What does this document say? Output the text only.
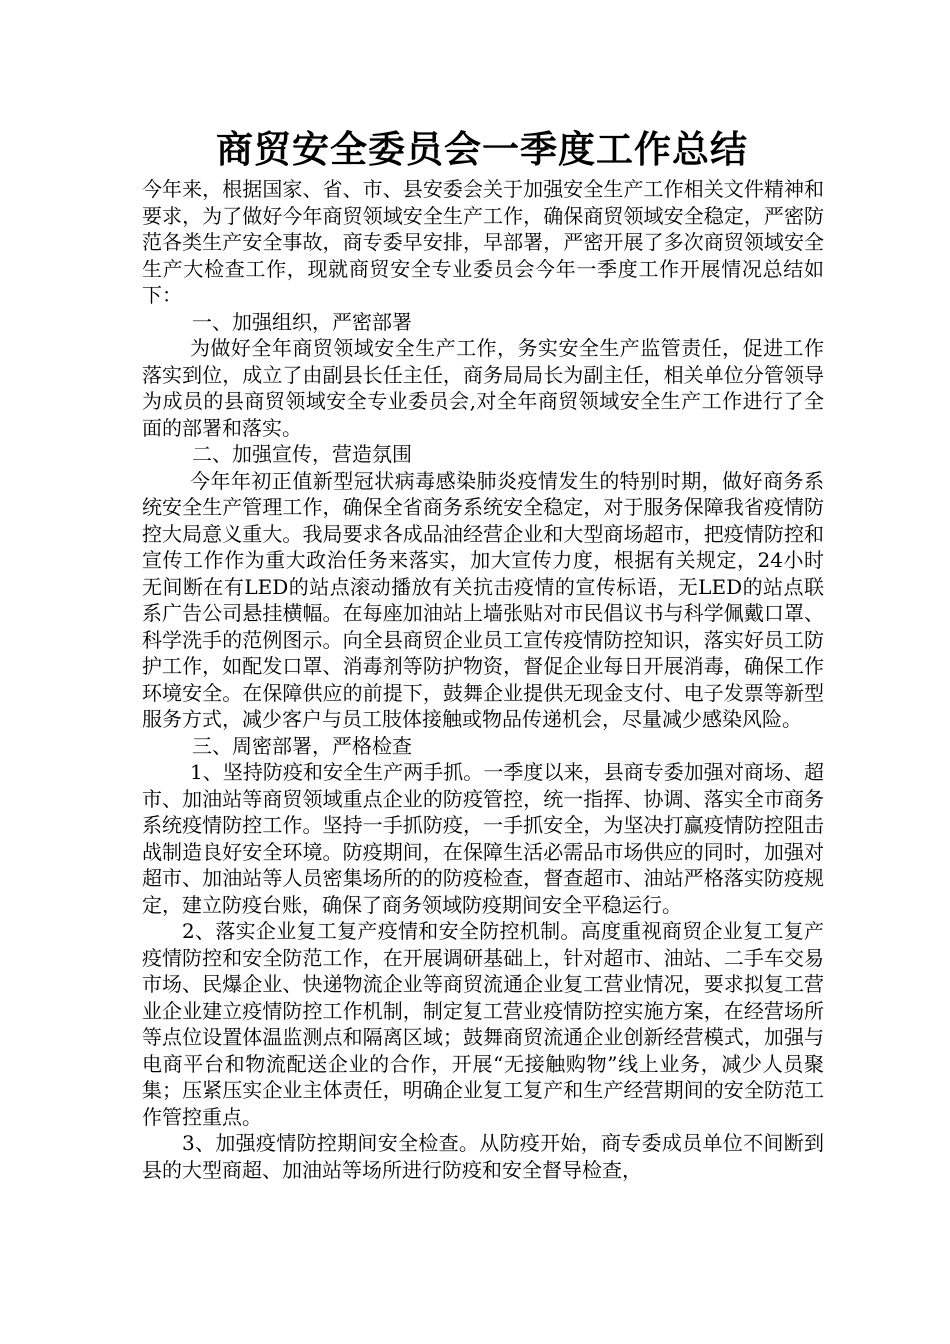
商贸安全委员会一季度工作总结

今年来，根据国家、省、市、县安委会关于加强安全生产工作相关文件精神和要求，为了做好今年商贸领域安全生产工作，确保商贸领域安全稳定，严密防范各类生产安全事故，商专委早安排，早部署，严密开展了多次商贸领域安全生产大检查工作，现就商贸安全专业委员会今年一季度工作开展情况总结如下：

一、加强组织，严密部署

为做好全年商贸领域安全生产工作，务实安全生产监管责任，促进工作落实到位，成立了由副县长任主任，商务局局长为副主任，相关单位分管领导为成员的县商贸领域安全专业委员会,对全年商贸领域安全生产工作进行了全面的部署和落实。

二、加强宣传，营造氛围

今年年初正值新型冠状病毒感染肺炎疫情发生的特别时期，做好商务系统安全生产管理工作，确保全省商务系统安全稳定，对于服务保障我省疫情防控大局意义重大。我局要求各成品油经营企业和大型商场超市，把疫情防控和宣传工作作为重大政治任务来落实，加大宣传力度，根据有关规定，24小时无间断在有LED的站点滚动播放有关抗击疫情的宣传标语，无LED的站点联系广告公司悬挂横幅。在每座加油站上墙张贴对市民倡议书与科学佩戴口罩、科学洗手的范例图示。向全县商贸企业员工宣传疫情防控知识，落实好员工防护工作，如配发口罩、消毒剂等防护物资，督促企业每日开展消毒，确保工作环境安全。在保障供应的前提下，鼓舞企业提供无现金支付、电子发票等新型服务方式，减少客户与员工肢体接触或物品传递机会，尽量减少感染风险。

三、周密部署，严格检查

1、坚持防疫和安全生产两手抓。一季度以来，县商专委加强对商场、超市、加油站等商贸领域重点企业的防疫管控，统一指挥、协调、落实全市商务系统疫情防控工作。坚持一手抓防疫，一手抓安全，为坚决打赢疫情防控阻击战制造良好安全环境。防疫期间，在保障生活必需品市场供应的同时，加强对超市、加油站等人员密集场所的的防疫检查，督查超市、油站严格落实防疫规定，建立防疫台账，确保了商务领域防疫期间安全平稳运行。

2、落实企业复工复产疫情和安全防控机制。高度重视商贸企业复工复产疫情防控和安全防范工作，在开展调研基础上，针对超市、油站、二手车交易市场、民爆企业、快递物流企业等商贸流通企业复工营业情况，要求拟复工营业企业建立疫情防控工作机制，制定复工营业疫情防控实施方案，在经营场所等点位设置体温监测点和隔离区域；鼓舞商贸流通企业创新经营模式，加强与电商平台和物流配送企业的合作，开展“无接触购物”线上业务，减少人员聚集；压紧压实企业主体责任，明确企业复工复产和生产经营期间的安全防范工作管控重点。

3、加强疫情防控期间安全检查。从防疫开始，商专委成员单位不间断到县的大型商超、加油站等场所进行防疫和安全督导检查，
